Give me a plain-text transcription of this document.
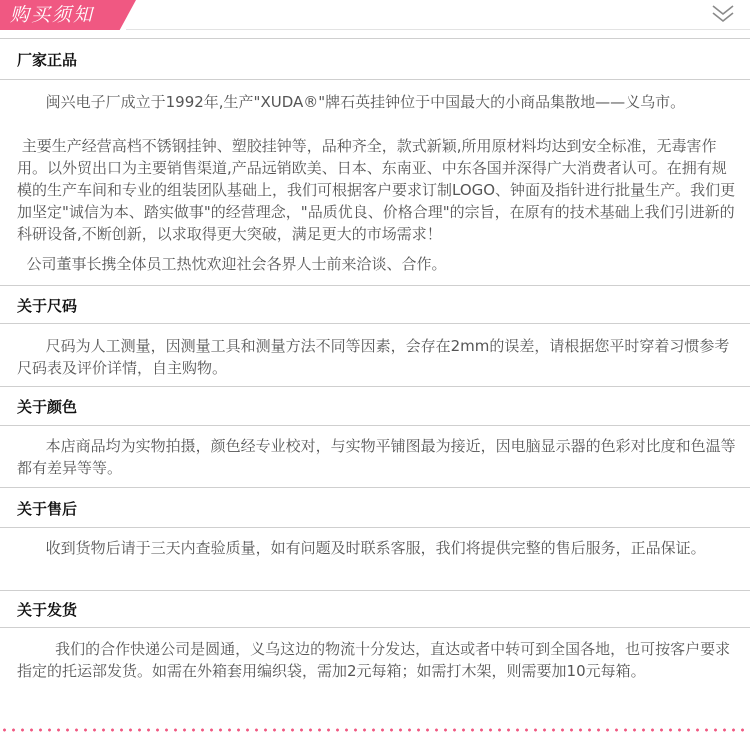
购买须知
厂家正品

闽兴电子厂成立于1992年,生产"XUDA®"牌石英挂钟位于中国最大的小商品集散地——义乌市。

主要生产经营高档不锈钢挂钟、塑胶挂钟等，品种齐全，款式新颖,所用原材料均达到安全标准，无毒害作用。以外贸出口为主要销售渠道,产品远销欧美、日本、东南亚、中东各国并深得广大消费者认可。在拥有规模的生产车间和专业的组装团队基础上，我们可根据客户要求订制LOGO、钟面及指针进行批量生产。我们更加坚定"诚信为本、踏实做事"的经营理念，"品质优良、价格合理"的宗旨，在原有的技术基础上我们引进新的科研设备,不断创新，以求取得更大突破，满足更大的市场需求！

公司董事长携全体员工热忱欢迎社会各界人士前来洽谈、合作。

关于尺码

尺码为人工测量，因测量工具和测量方法不同等因素，会存在2mm的误差，请根据您平时穿着习惯参考尺码表及评价详情，自主购物。

关于颜色

本店商品均为实物拍摄，颜色经专业校对，与实物平铺图最为接近，因电脑显示器的色彩对比度和色温等都有差异等等。

关于售后

收到货物后请于三天内查验质量，如有问题及时联系客服，我们将提供完整的售后服务，正品保证。

关于发货

我们的合作快递公司是圆通，义乌这边的物流十分发达，直达或者中转可到全国各地，也可按客户要求指定的托运部发货。如需在外箱套用编织袋，需加2元每箱；如需打木架，则需要加10元每箱。
